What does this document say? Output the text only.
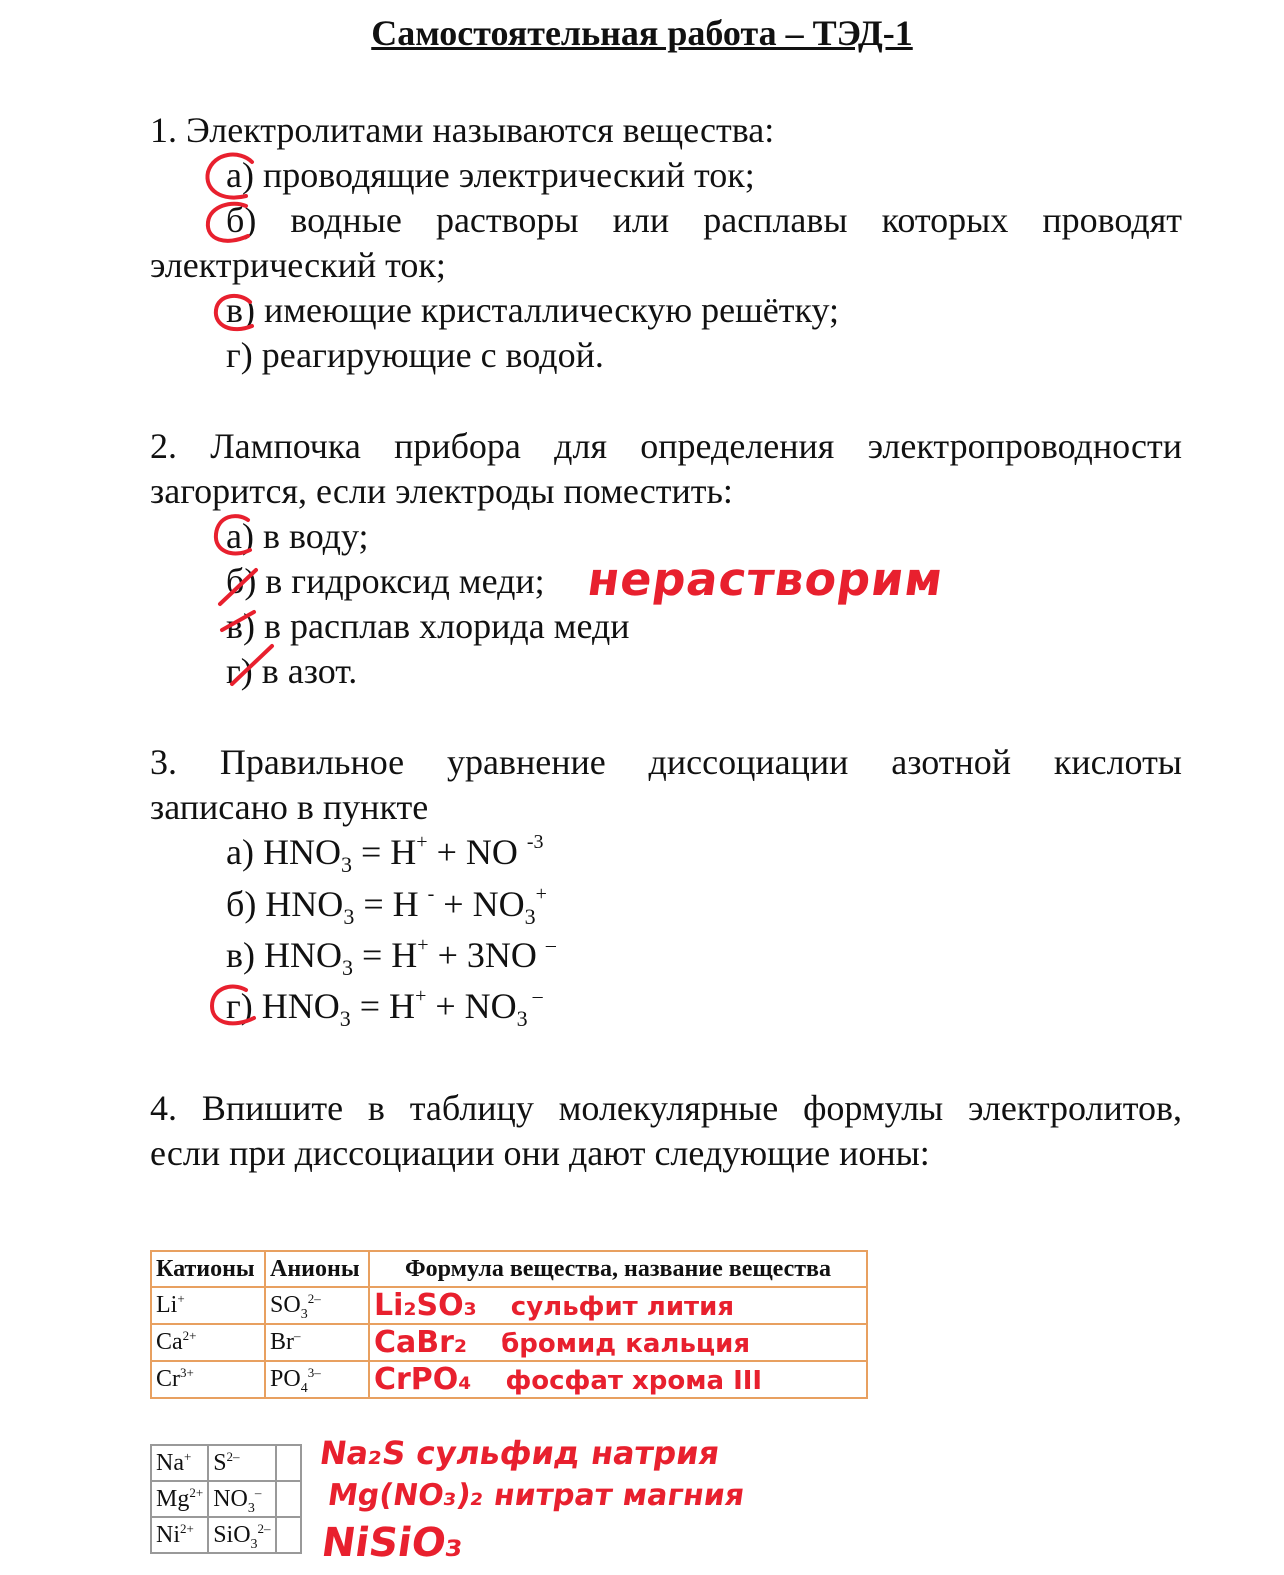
Самостоятельная работа – ТЭД-1
1. Электролитами называются вещества:
а) проводящие электрический ток;
б) водные растворы или расплавы которых проводят
электрический ток;
в) имеющие кристаллическую решётку;
г) реагирующие с водой.
2. Лампочка прибора для определения электропроводности
загорится, если электроды поместить:
а) в воду;
б) в гидроксид меди;
в) в расплав хлорида меди
г) в азот.
нерастворим
3. Правильное уравнение диссоциации азотной кислоты
записано в пункте
а) $HNO_3 = H^+$ + NO $^{-3}$
б) $HNO_3 = H$ $^- + NO_3^+$
в) $HNO_3 = H^+ + 3NO$ –
г) $HNO_3 = H^+ + NO_3$ –
4. Впишите в таблицу молекулярные формулы электролитов,
если при диссоциации они дают следующие ионы:
Катионы	Анионы	Формула вещества, название вещества
Li+	$SO_3^{2-}$	Li₂SO₃ сульфит лития
$Ca^{2+}$	Br–	CaBr₂ бромид кальция
$Cr^{3+}$	$PO_4^{3-}$	CrPO₄ фосфат хрома III
Na+	$S^{2-}$	
$Mg^{2+}$	$NO_3^-$	
$Ni^{2+}$	SiO$_3^{2-}$	
Na₂S сульфид натрия
Mg(NO₃)₂ нитрат магния
NiSiO₃
